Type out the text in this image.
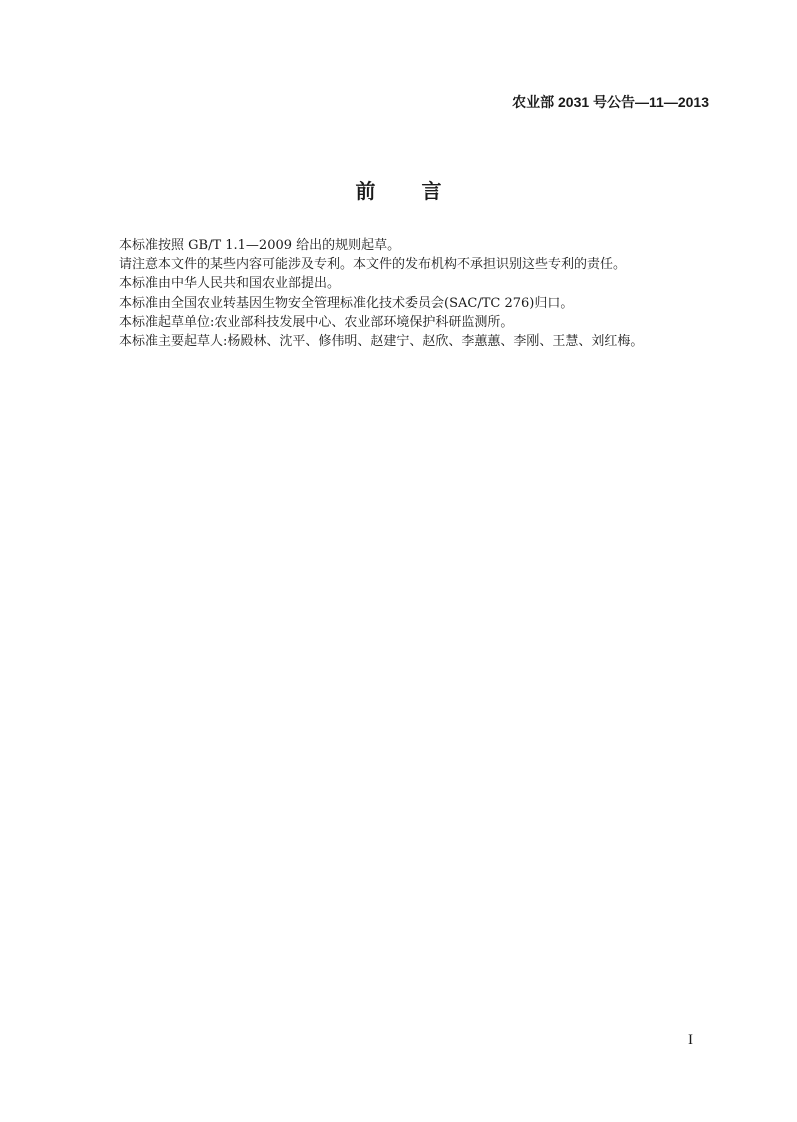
农业部 2031 号公告—11—2013
前言

本标准按照 GB/T 1.1—2009 给出的规则起草。

请注意本文件的某些内容可能涉及专利。本文件的发布机构不承担识别这些专利的责任。

本标准由中华人民共和国农业部提出。

本标准由全国农业转基因生物安全管理标准化技术委员会(SAC/TC 276)归口。

本标准起草单位:农业部科技发展中心、农业部环境保护科研监测所。

本标准主要起草人:杨殿林、沈平、修伟明、赵建宁、赵欣、李蕙蕙、李刚、王慧、刘红梅。

I
